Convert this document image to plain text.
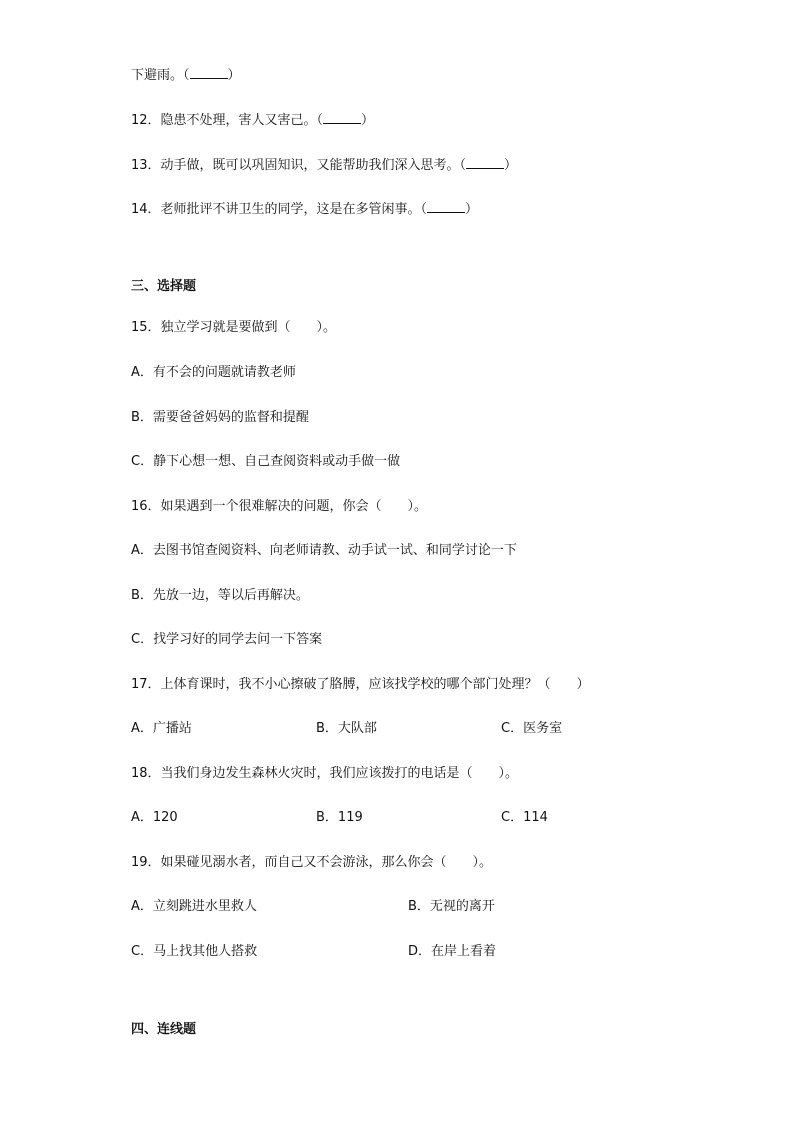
下避雨。（	）
12．隐患不处理，害人又害己。（	）
13．动手做，既可以巩固知识，又能帮助我们深入思考。（	）
14．老师批评不讲卫生的同学，这是在多管闲事。（	）
三、选择题
15．独立学习就是要做到（　　）。
A．有不会的问题就请教老师
B．需要爸爸妈妈的监督和提醒
C．静下心想一想、自己查阅资料或动手做一做
16．如果遇到一个很难解决的问题，你会（　　）。
A．去图书馆查阅资料、向老师请教、动手试一试、和同学讨论一下
B．先放一边，等以后再解决。
C．找学习好的同学去问一下答案
17．上体育课时，我不小心擦破了胳膊，应该找学校的哪个部门处理？（　　）
A．广播站	B．大队部	C．医务室
18．当我们身边发生森林火灾时，我们应该拨打的电话是（　　）。
A．120	B．119	C．114
19．如果碰见溺水者，而自己又不会游泳，那么你会（　　）。
A．立刻跳进水里救人	B．无视的离开
C．马上找其他人搭救	D．在岸上看着
四、连线题
